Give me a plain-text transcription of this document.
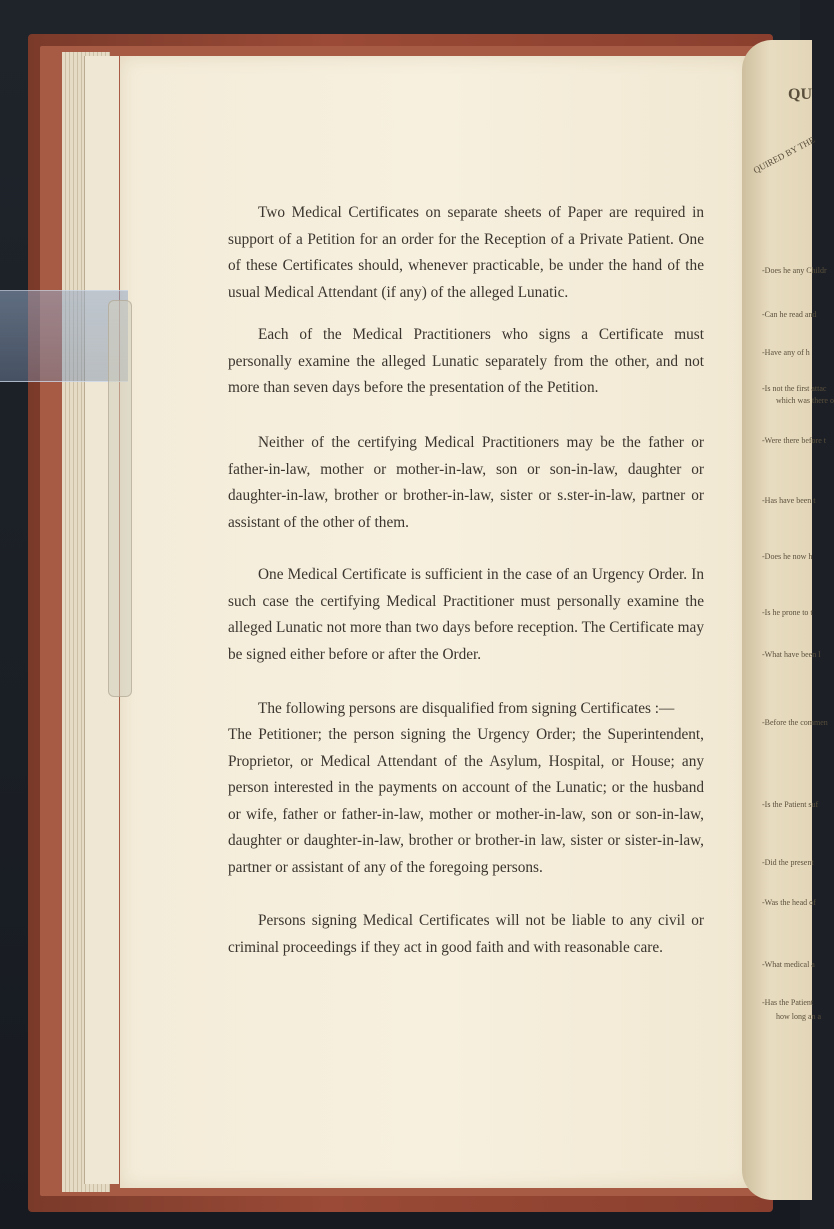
QU
QUIRED BY THE
-Does he any Childr
-Can he read and
-Have any of h
-Is not the first attac
which was there o
-Were there before t
-Has have been t
-Does he now h
-Is he prone to t
-What have been l
-Before the commen
-Is the Patient suf
-Did the present
-Was the head of
-What medical a
-Has the Patient
how long an a

Two Medical Certificates on separate sheets of Paper are required in support of a Petition for an order for the Reception of a Private Patient. One of these Certificates should, whenever practicable, be under the hand of the usual Medical Attendant (if any) of the alleged Lunatic.

Each of the Medical Practitioners who signs a Certificate must personally examine the alleged Lunatic separately from the other, and not more than seven days before the presentation of the Petition.

Neither of the certifying Medical Practitioners may be the father or father-in-law, mother or mother-in-law, son or son-in-law, daughter or daughter-in-law, brother or brother-in-law, sister or s.ster-in-law, partner or assistant of the other of them.

One Medical Certificate is sufficient in the case of an Urgency Order. In such case the certifying Medical Practitioner must personally examine the alleged Lunatic not more than two days before reception. The Certificate may be signed either before or after the Order.

The following persons are disqualified from signing Certificates :—

The Petitioner; the person signing the Urgency Order; the Superintendent, Proprietor, or Medical Attendant of the Asylum, Hospital, or House; any person interested in the payments on account of the Lunatic; or the husband or wife, father or father-in-law, mother or mother-in-law, son or son-in-law, daughter or daughter-in-law, brother or brother-in law, sister or sister-in-law, partner or assistant of any of the foregoing persons.

Persons signing Medical Certificates will not be liable to any civil or criminal proceedings if they act in good faith and with reasonable care.
